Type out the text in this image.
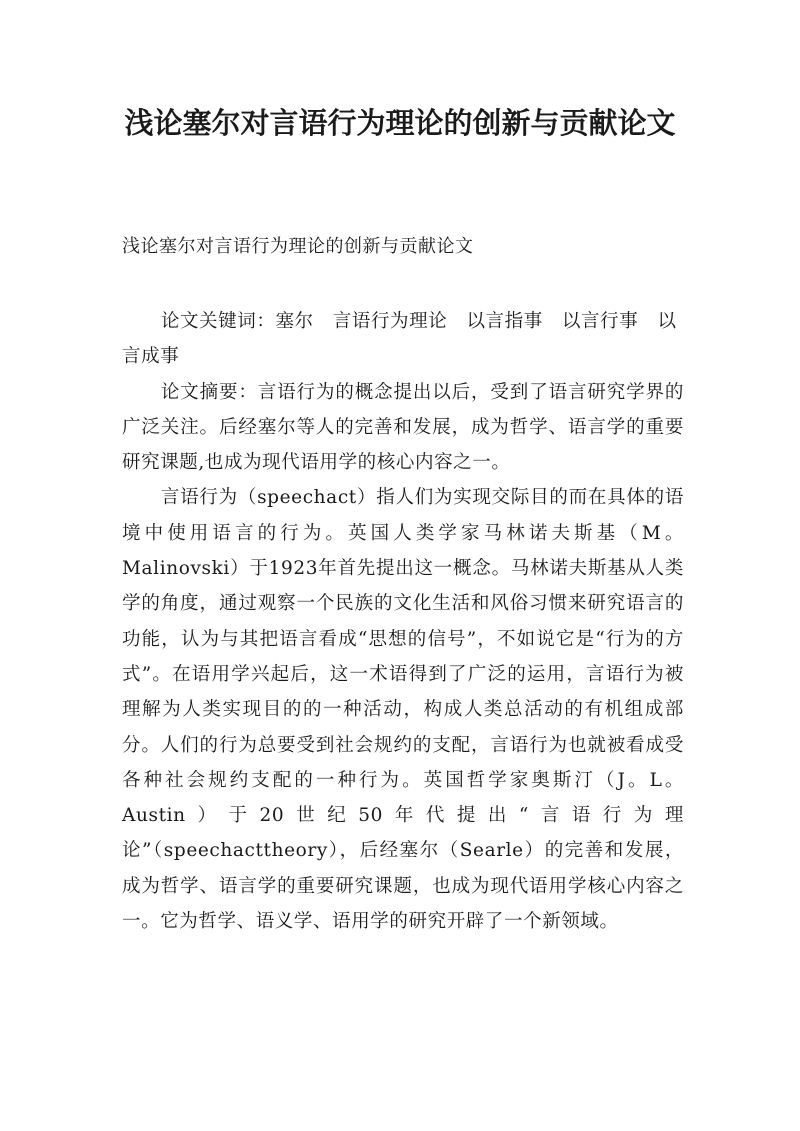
浅论塞尔对言语行为理论的创新与贡献论文
浅论塞尔对言语行为理论的创新与贡献论文

论文关键词：塞尔　言语行为理论　以言指事　以言行事　以言成事

论文摘要：言语行为的概念提出以后，受到了语言研究学界的广泛关注。后经塞尔等人的完善和发展，成为哲学、语言学的重要研究课题,也成为现代语用学的核心内容之一。

言语行为（speechact）指人们为实现交际目的而在具体的语境中使用语言的行为。英国人类学家马林诺夫斯基（M。Malinovski）于1923年首先提出这一概念。马林诺夫斯基从人类学的角度，通过观察一个民族的文化生活和风俗习惯来研究语言的功能，认为与其把语言看成“思想的信号”，不如说它是“行为的方式”。在语用学兴起后，这一术语得到了广泛的运用，言语行为被理解为人类实现目的的一种活动，构成人类总活动的有机组成部分。人们的行为总要受到社会规约的支配，言语行为也就被看成受各种社会规约支配的一种行为。英国哲学家奥斯汀（J。L。Austin）于20世纪50年代提出“言语行为理论”（speechacttheory），后经塞尔（Searle）的完善和发展，成为哲学、语言学的重要研究课题，也成为现代语用学核心内容之一。它为哲学、语义学、语用学的研究开辟了一个新领域。
